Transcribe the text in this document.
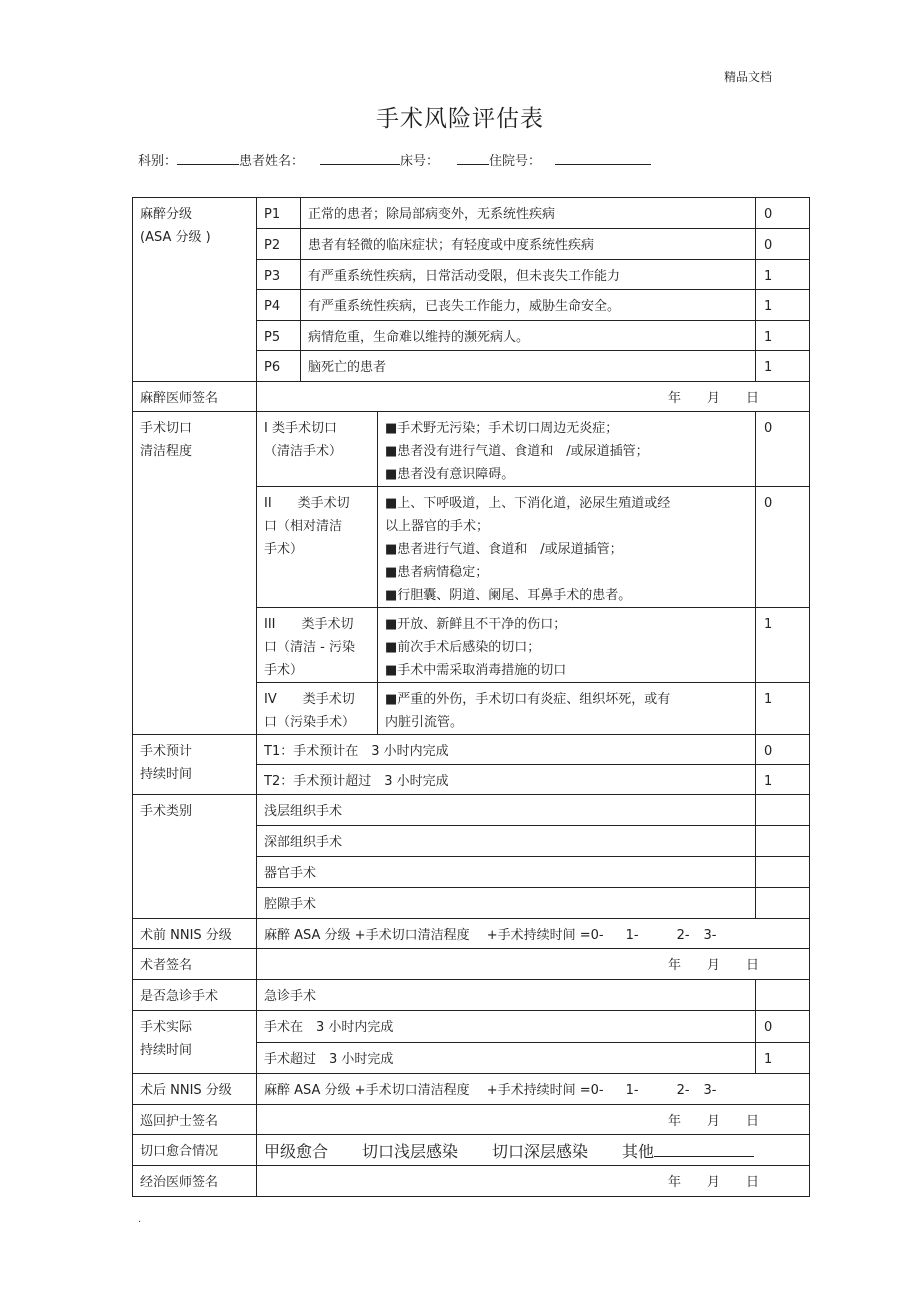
精品文档
手术风险评估表
科别：	患者姓名：	床号：	住院号：
麻醉分级
(ASA 分级 )	P1	正常的患者；除局部病变外，无系统性疾病		0
	P2	患者有轻微的临床症状；有轻度或中度系统性疾病		0
	P3	有严重系统性疾病，日常活动受限，但未丧失工作能力		1
	P4	有严重系统性疾病，已丧失工作能力，威胁生命安全。		1
	P5	病情危重，生命难以维持的濒死病人。		1
	P6	脑死亡的患者		1
麻醉医师签名	年 月 日			
手术切口
清洁程度	I 类手术切口
（清洁手术）		■手术野无污染；手术切口周边无炎症；
■患者没有进行气道、食道和　/或尿道插管；
■患者没有意识障碍。	0
	II　　类手术切
口（相对清洁
手术）		■上、下呼吸道，上、下消化道，泌尿生殖道或经
以上器官的手术；
■患者进行气道、食道和　/或尿道插管；
■患者病情稳定；
■行胆囊、阴道、阑尾、耳鼻手术的患者。	0
	III　　类手术切
口（清洁 - 污染
手术）		■开放、新鲜且不干净的伤口；
■前次手术后感染的切口；
■手术中需采取消毒措施的切口	1
	IV　　类手术切
口（污染手术）		■严重的外伤，手术切口有炎症、组织坏死，或有
内脏引流管。	1
手术预计
持续时间	T1：手术预计在　3 小时内完成			0
	T2：手术预计超过　3 小时完成			1
手术类别	浅层组织手术			
	深部组织手术			
	器官手术			
	腔隙手术			
术前 NNIS 分级	麻醉 ASA 分级 +手术切口清洁程度　 +手术持续时间 =0- 1- 2- 3-			
术者签名	年 月 日			
是否急诊手术	急诊手术			
手术实际
持续时间	手术在　3 小时内完成			0
	手术超过　3 小时完成			1
术后 NNIS 分级	麻醉 ASA 分级 +手术切口清洁程度　 +手术持续时间 =0- 1- 2- 3-			
巡回护士签名	年 月 日			
切口愈合情况	甲级愈合 切口浅层感染 切口深层感染 其他			
经治医师签名	年 月 日			
.
